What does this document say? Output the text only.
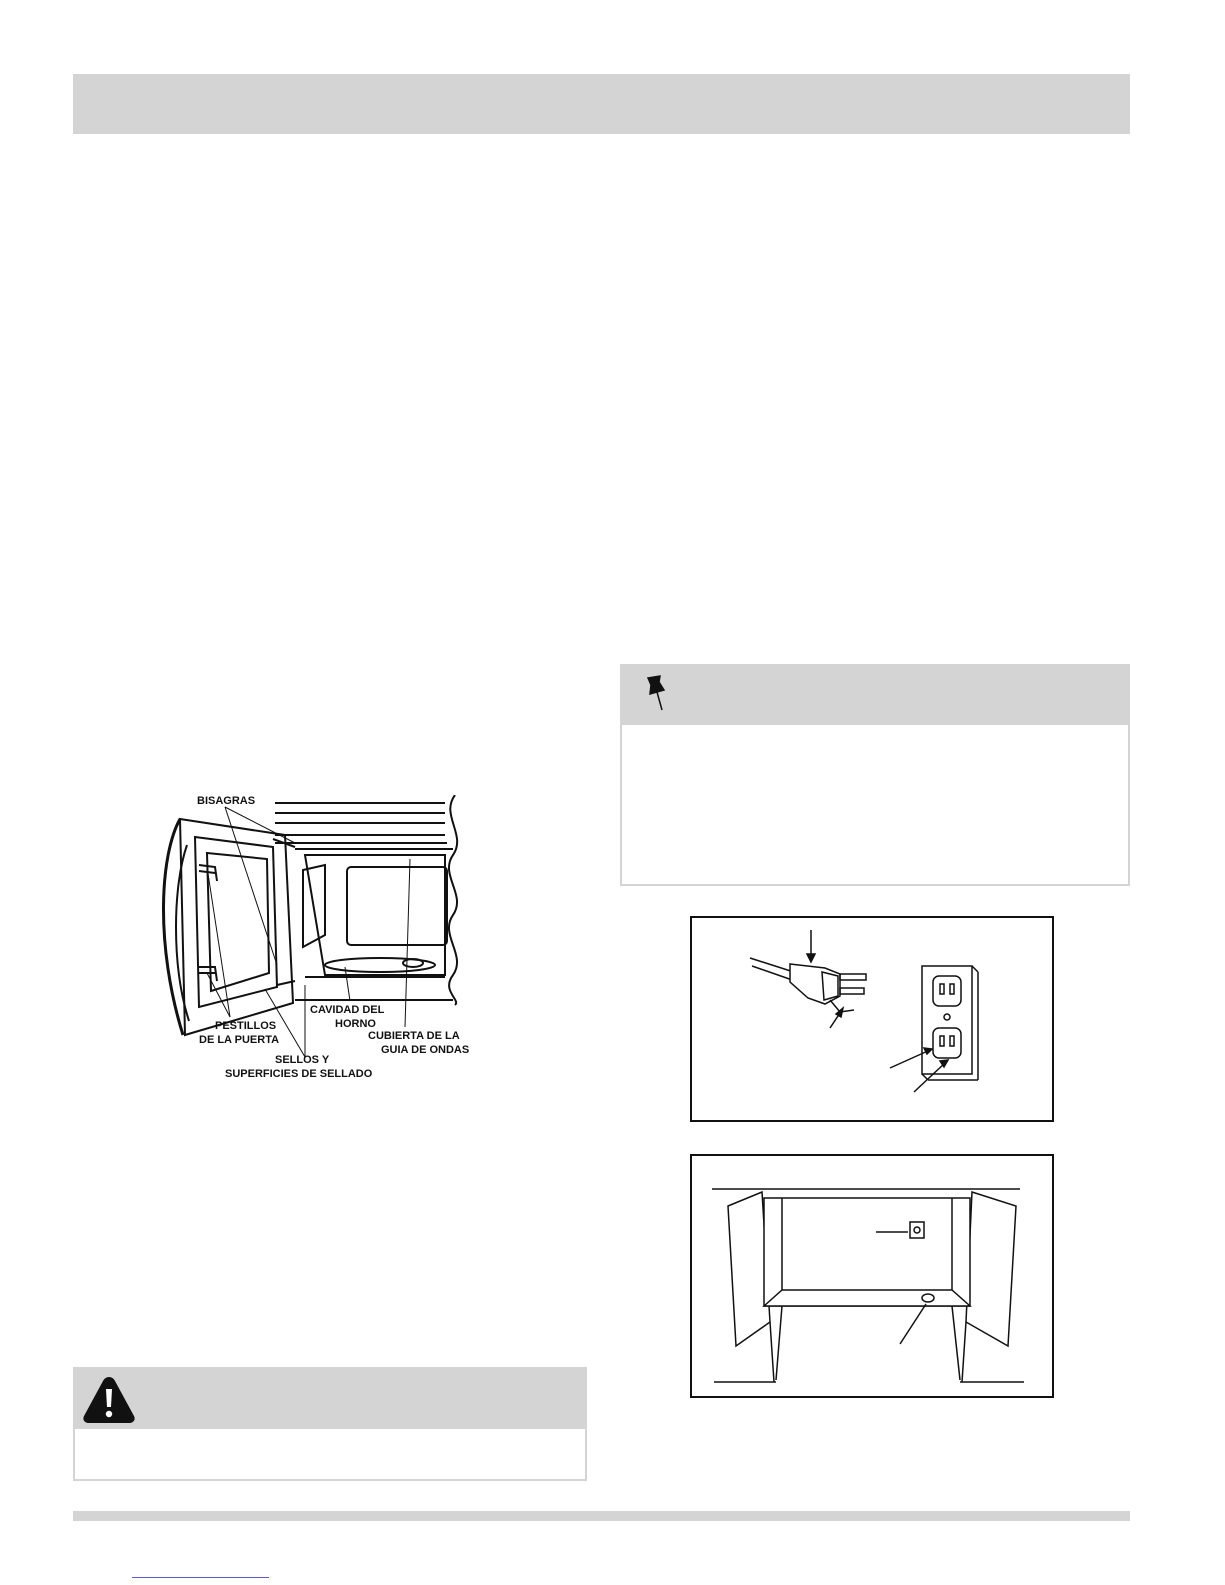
BISAGRAS
PESTILLOS
DE LA PUERTA
SELLOS Y
SUPERFICIES DE SELLADO
CAVIDAD DEL
HORNO
CUBIERTA DE LA
GUIA DE ONDAS
